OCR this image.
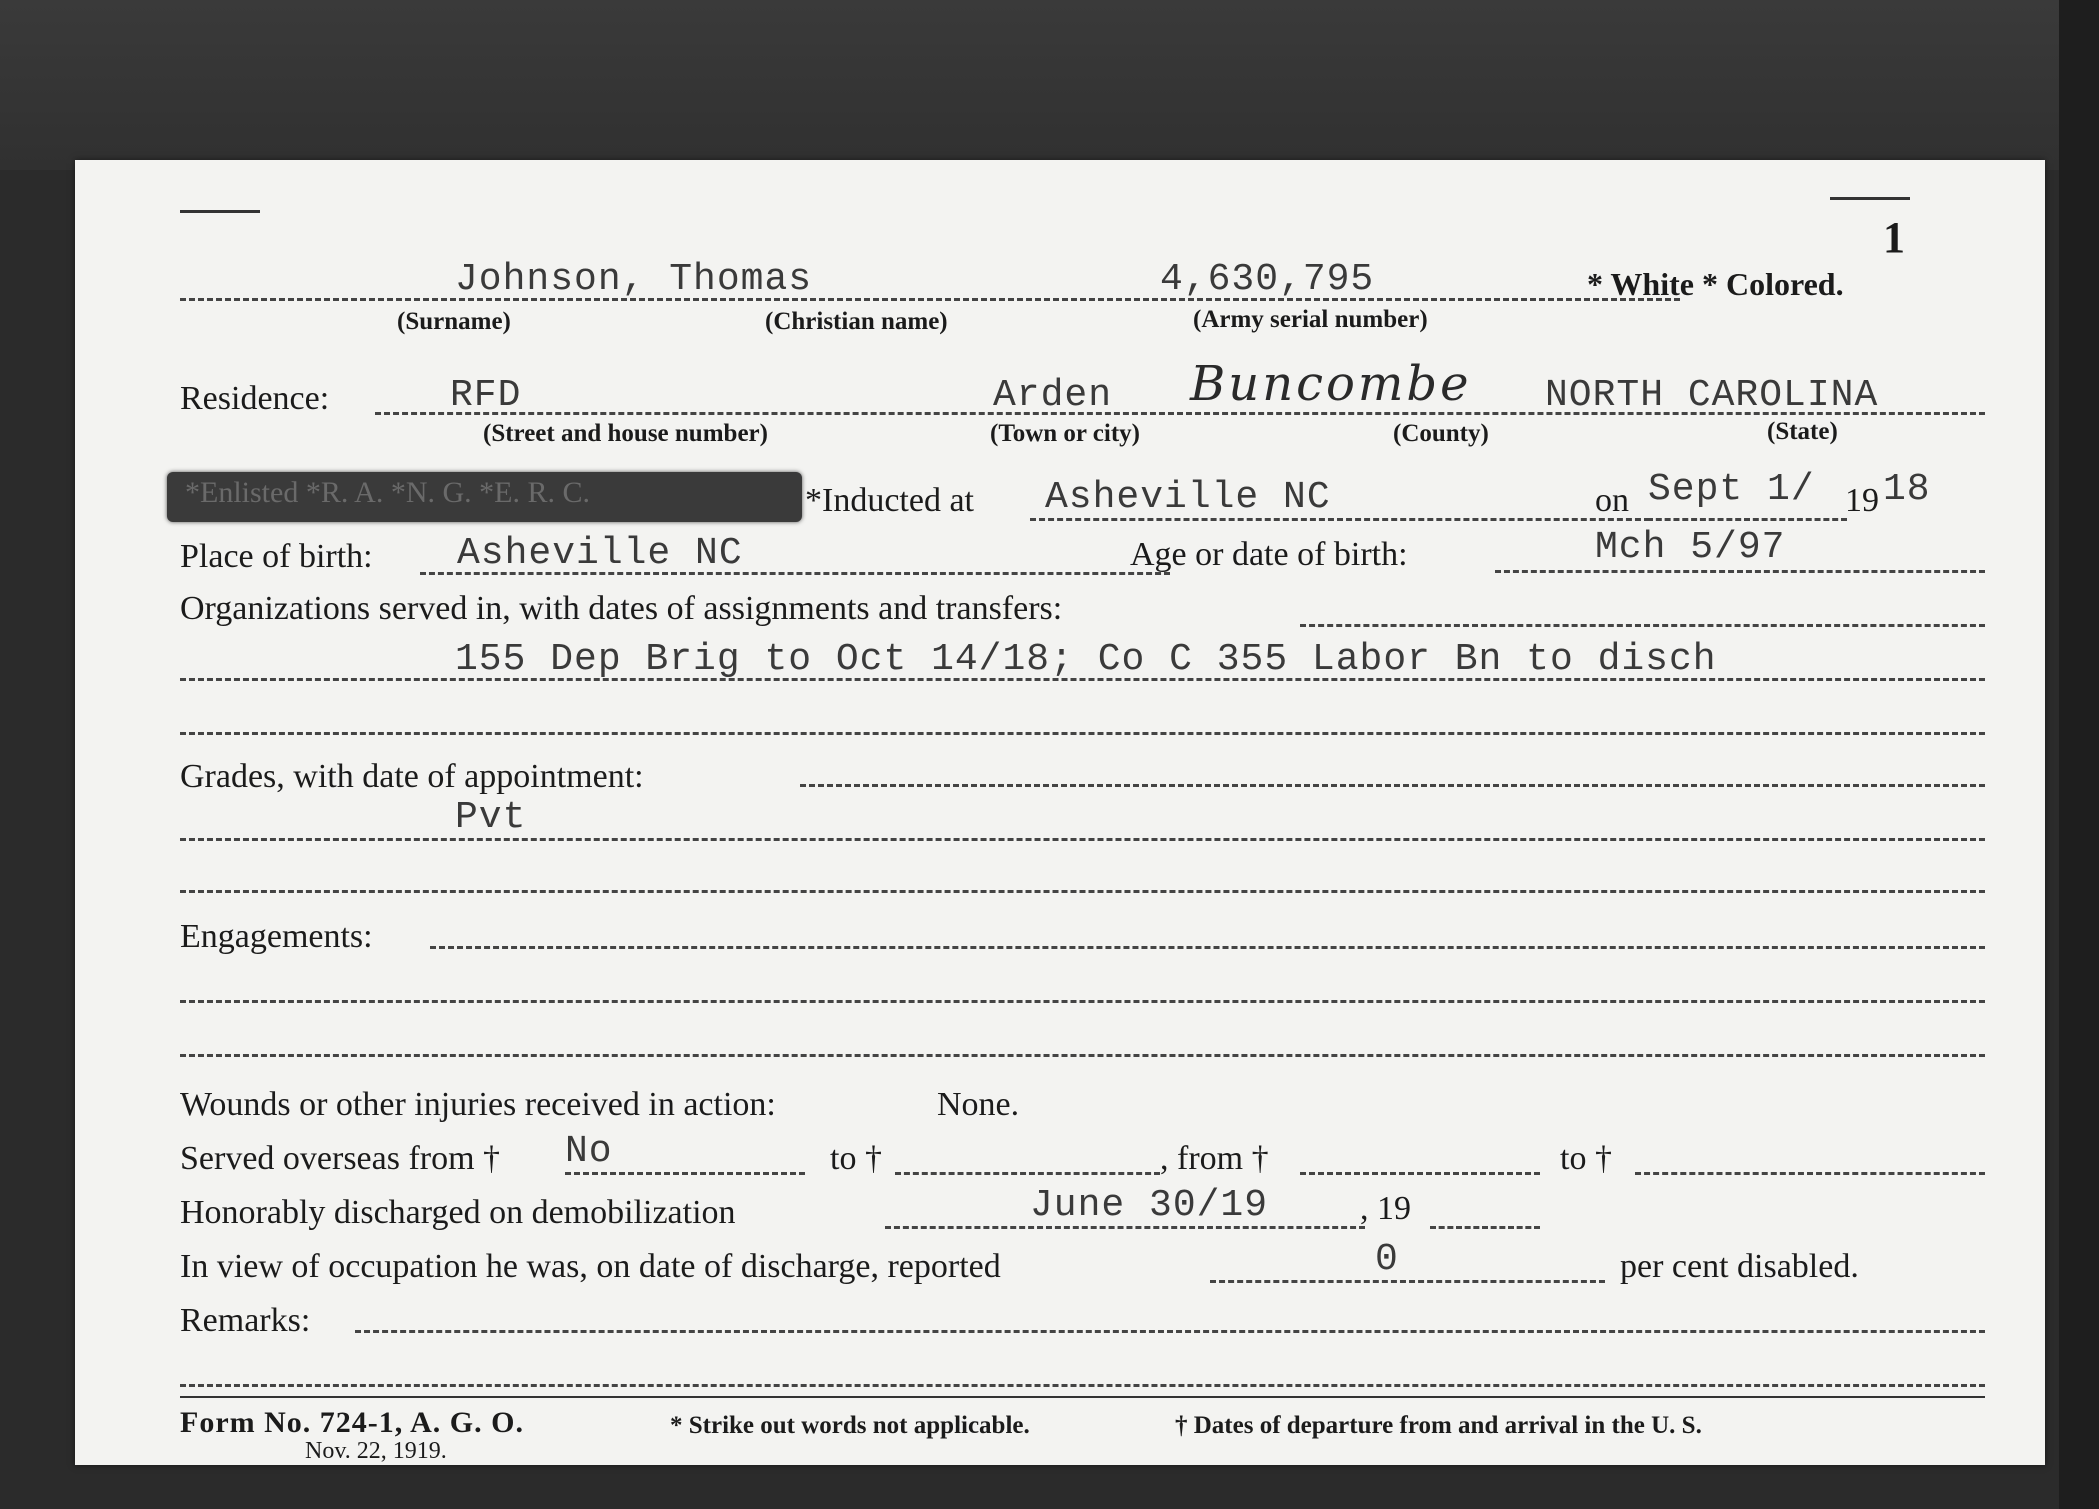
1
Johnson, Thomas	4,630,795	* White * Colored.
(Surname)	(Christian name)	(Army serial number)
Residence:	RFD	Arden Buncombe NORTH CAROLINA
(Street and house number)	(Town or city)	(County)	(State)
*Enlisted *R. A. *N. G. *E. R. C.	*Inducted at Asheville NC	on Sept 1/ 19 18
Place of birth: Asheville NC	Age or date of birth:	Mch 5/97
Organizations served in, with dates of assignments and transfers:
155 Dep Brig to Oct 14/18; Co C 355 Labor Bn to disch
Grades, with date of appointment:
Pvt
Engagements:
Wounds or other injuries received in action:	None.
Served overseas from † No	to †	, from †	to †
Honorably discharged on demobilization	June 30/19	, 19
In view of occupation he was, on date of discharge, reported	0	per cent disabled.
Remarks:
Form No. 724-1, A. G. O.
Nov. 22, 1919.
* Strike out words not applicable.	† Dates of departure from and arrival in the U. S.
